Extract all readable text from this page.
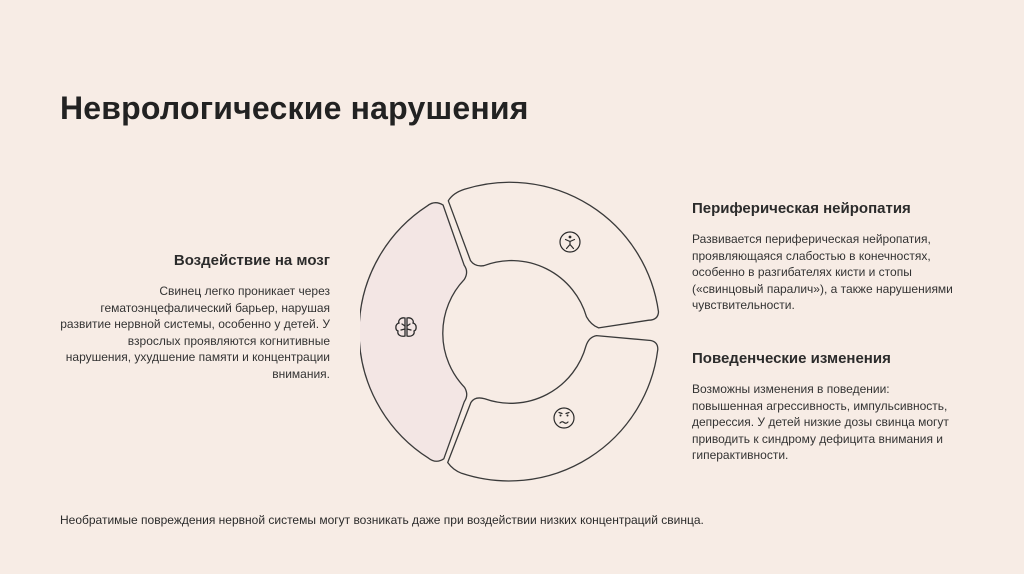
Неврологические нарушения
Воздействие на мозг

Свинец легко проникает через гематоэнцефалический барьер, нарушая развитие нервной системы, особенно у детей. У взрослых проявляются когнитивные нарушения, ухудшение памяти и концентрации внимания.

Периферическая нейропатия

Развивается периферическая нейропатия, проявляющаяся слабостью в конечностях, особенно в разгибателях кисти и стопы («свинцовый паралич»), а также нарушениями чувствительности.

Поведенческие изменения

Возможны изменения в поведении: повышенная агрессивность, импульсивность, депрессия. У детей низкие дозы свинца могут приводить к синдрому дефицита внимания и гиперактивности.

Необратимые повреждения нервной системы могут возникать даже при воздействии низких концентраций свинца.
